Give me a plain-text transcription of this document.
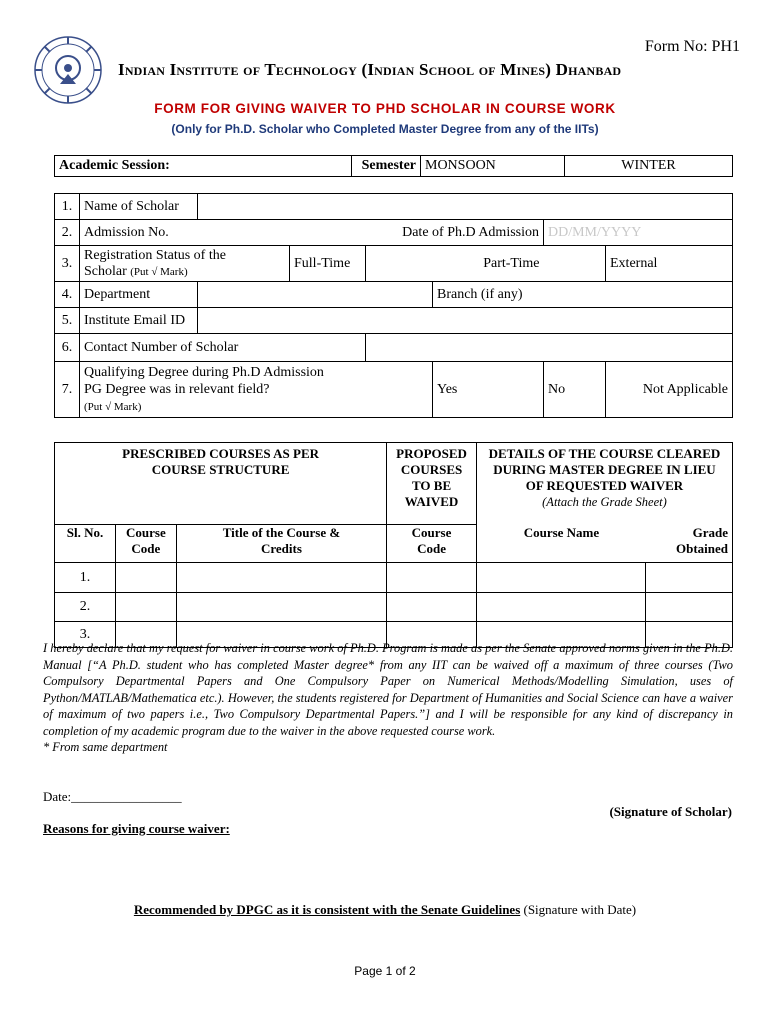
Form No: PH1
Indian Institute of Technology (Indian School of Mines) Dhanbad
FORM FOR GIVING WAIVER TO PHD SCHOLAR IN COURSE WORK
(Only for Ph.D. Scholar who Completed Master Degree from any of the IITs)
Academic Session:	Semester	MONSOON	WINTER
1.	Name of Scholar						
2.	Admission No.		Date of Ph.D Admission			DD/MM/YYYY	
3.	Registration Status of the
Scholar (Put √ Mark)		Full-Time	Part-Time			External
4.	Department				Branch (if any)		
5.	Institute Email ID						
6.	Contact Number of Scholar						
7.	Qualifying Degree during Ph.D Admission
PG Degree was in relevant field?
(Put √ Mark)				Yes	No	Not Applicable
PRESCRIBED COURSES AS PER COURSE STRUCTURE			PROPOSED COURSES TO BE WAIVED	DETAILS OF THE COURSE CLEARED DURING MASTER DEGREE IN LIEU OF REQUESTED WAIVER
(Attach the Grade Sheet)	
Sl. No.	Course Code	Title of the Course & Credits	Course Code	Course Name	Grade Obtained
1.					
2.					
3.					
I hereby declare that my request for waiver in course work of Ph.D. Program is made as per the Senate approved norms given in the Ph.D. Manual [“A Ph.D. student who has completed Master degree* from any IIT can be waived off a maximum of three courses (Two Compulsory Departmental Papers and One Compulsory Paper on Numerical Methods/Modelling Simulation, uses of Python/MATLAB/Mathematica etc.). However, the students registered for Department of Humanities and Social Science can have a waiver of maximum of two papers i.e., Two Compulsory Departmental Papers.”] and I will be responsible for any kind of discrepancy in completion of my academic program due to the waiver in the above requested course work.
* From same department
Date:_________________
(Signature of Scholar)
Reasons for giving course waiver:
Recommended by DPGC as it is consistent with the Senate Guidelines (Signature with Date)
Page 1 of 2
